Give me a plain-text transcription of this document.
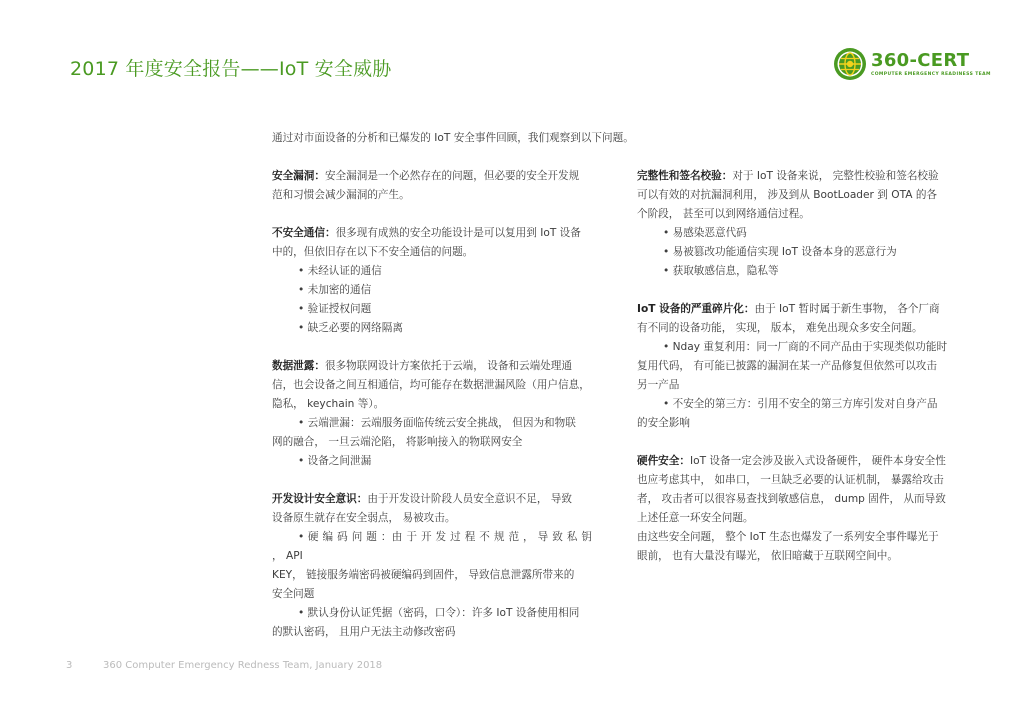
2017 年度安全报告——IoT 安全威胁	360-CERT
COMPUTER EMERGENCY READINESS TEAM
通过对市面设备的分析和已爆发的 IoT 安全事件回顾，我们观察到以下问题。
安全漏洞：安全漏洞是一个必然存在的问题，但必要的安全开发规
范和习惯会减少漏洞的产生。
不安全通信：很多现有成熟的安全功能设计是可以复用到 IoT 设备
中的，但依旧存在以下不安全通信的问题。
• 未经认证的通信
• 未加密的通信
• 验证授权问题
• 缺乏必要的网络隔离
数据泄露：很多物联网设计方案依托于云端， 设备和云端处理通
信，也会设备之间互相通信，均可能存在数据泄漏风险（用户信息，
隐私， keychain 等）。
• 云端泄漏：云端服务面临传统云安全挑战， 但因为和物联
网的融合， 一旦云端沦陷， 将影响接入的物联网安全
• 设备之间泄漏
开发设计安全意识：由于开发设计阶段人员安全意识不足， 导致
设备原生就存在安全弱点， 易被攻击。
• 硬 编 码 问 题 ：由 于 开 发 过 程 不 规 范 ， 导 致 私 钥 ， API
KEY， 链接服务端密码被硬编码到固件， 导致信息泄露所带来的
安全问题
• 默认身份认证凭据（密码，口令）：许多 IoT 设备使用相同
的默认密码， 且用户无法主动修改密码
完整性和签名校验：对于 IoT 设备来说， 完整性校验和签名校验
可以有效的对抗漏洞利用， 涉及到从 BootLoader 到 OTA 的各
个阶段， 甚至可以到网络通信过程。
• 易感染恶意代码
• 易被篡改功能通信实现 IoT 设备本身的恶意行为
• 获取敏感信息，隐私等
IoT 设备的严重碎片化：由于 IoT 暂时属于新生事物， 各个厂商
有不同的设备功能， 实现， 版本， 难免出现众多安全问题。
• Nday 重复利用：同一厂商的不同产品由于实现类似功能时
复用代码， 有可能已披露的漏洞在某一产品修复但依然可以攻击
另一产品
• 不安全的第三方：引用不安全的第三方库引发对自身产品
的安全影响
硬件安全：IoT 设备一定会涉及嵌入式设备硬件， 硬件本身安全性
也应考虑其中， 如串口， 一旦缺乏必要的认证机制， 暴露给攻击
者， 攻击者可以很容易查找到敏感信息， dump 固件， 从而导致
上述任意一环安全问题。
由这些安全问题， 整个 IoT 生态也爆发了一系列安全事件曝光于
眼前， 也有大量没有曝光， 依旧暗藏于互联网空间中。
3	360 Computer Emergency Redness Team, January 2018
